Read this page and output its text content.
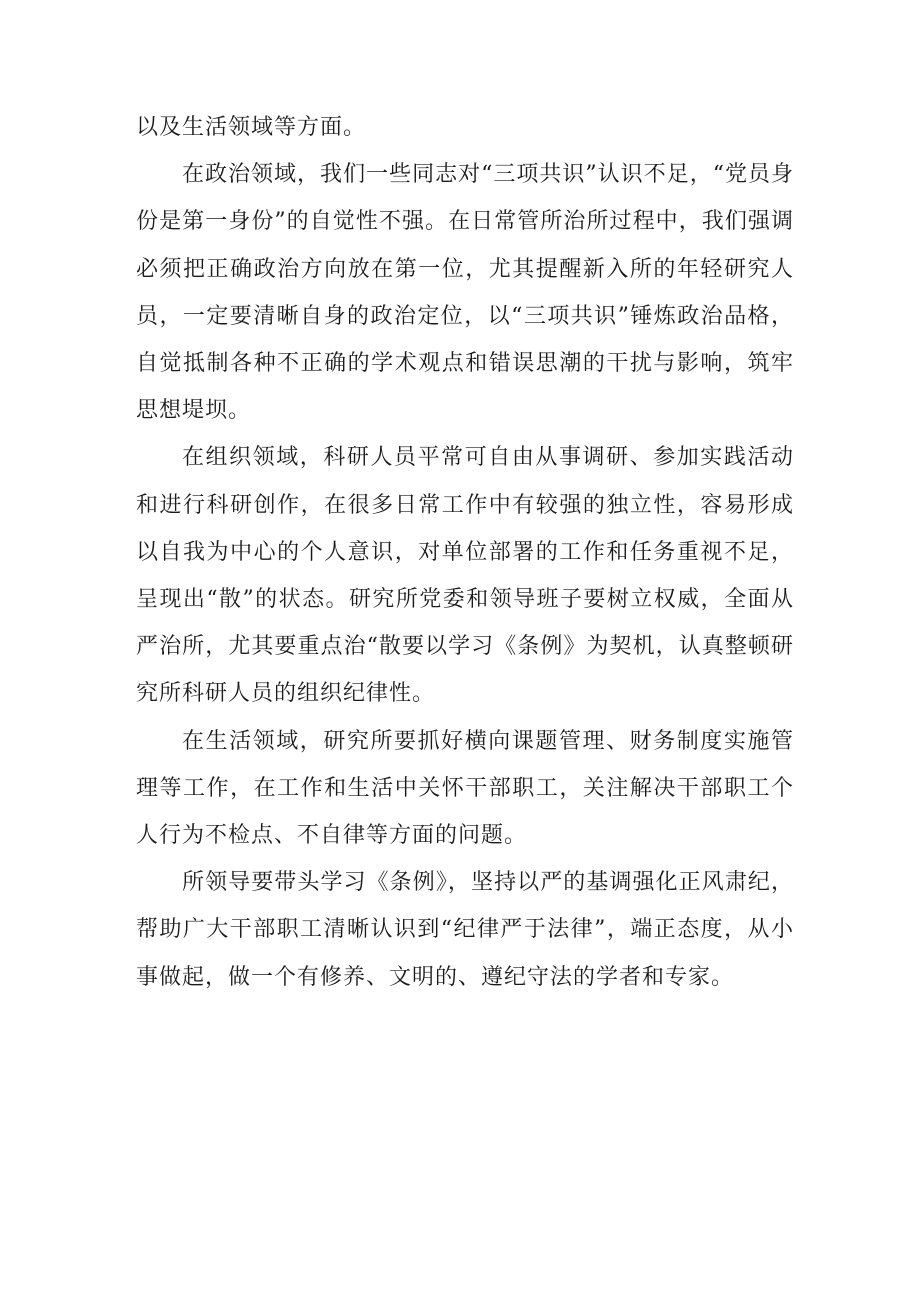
以及生活领域等方面。

在政治领域，我们一些同志对“三项共识”认识不足，“党员身份是第一身份”的自觉性不强。在日常管所治所过程中，我们强调必须把正确政治方向放在第一位，尤其提醒新入所的年轻研究人员，一定要清晰自身的政治定位，以“三项共识”锤炼政治品格，自觉抵制各种不正确的学术观点和错误思潮的干扰与影响，筑牢思想堤坝。

在组织领域，科研人员平常可自由从事调研、参加实践活动和进行科研创作，在很多日常工作中有较强的独立性，容易形成以自我为中心的个人意识，对单位部署的工作和任务重视不足，呈现出“散”的状态。研究所党委和领导班子要树立权威，全面从严治所，尤其要重点治“散要以学习《条例》为契机，认真整顿研究所科研人员的组织纪律性。

在生活领域，研究所要抓好横向课题管理、财务制度实施管理等工作，在工作和生活中关怀干部职工，关注解决干部职工个人行为不检点、不自律等方面的问题。

所领导要带头学习《条例》，坚持以严的基调强化正风肃纪，帮助广大干部职工清晰认识到“纪律严于法律”，端正态度，从小事做起，做一个有修养、文明的、遵纪守法的学者和专家。
